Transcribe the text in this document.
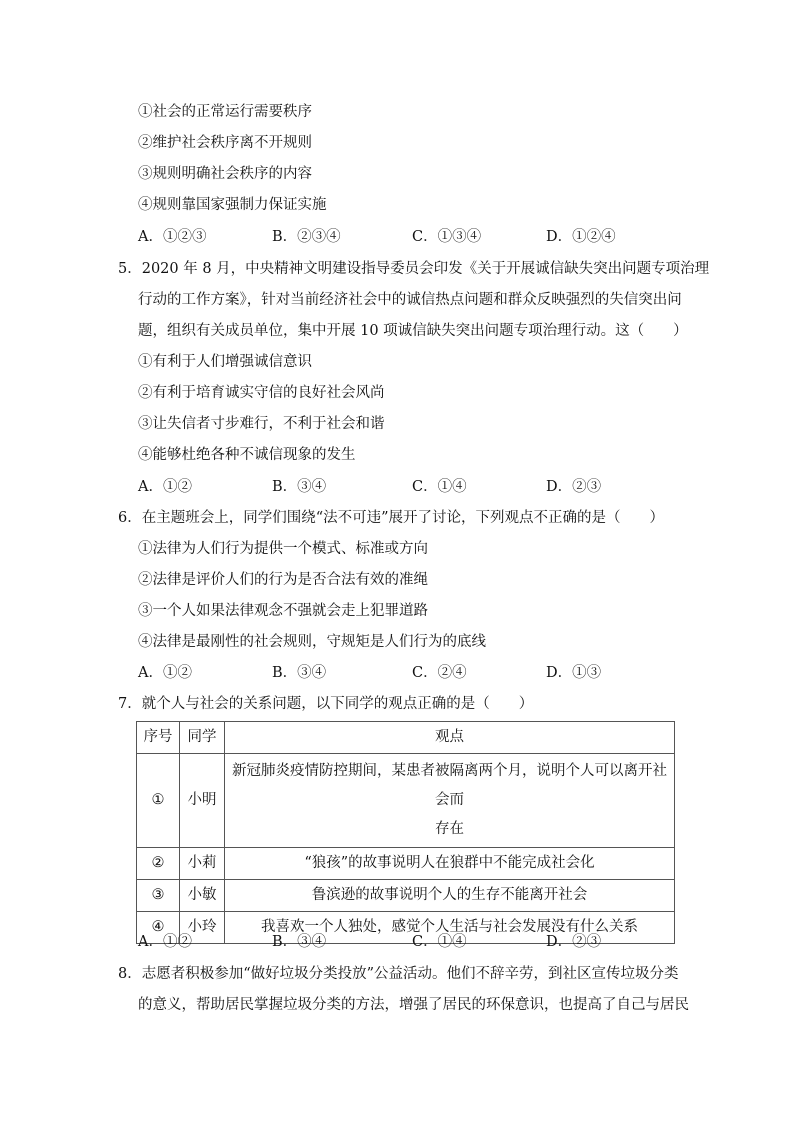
①社会的正常运行需要秩序
②维护社会秩序离不开规则
③规则明确社会秩序的内容
④规则靠国家强制力保证实施
A．①②③	B．②③④	C．①③④	D．①②④
5．2020 年 8 月，中央精神文明建设指导委员会印发《关于开展诚信缺失突出问题专项治理
行动的工作方案》，针对当前经济社会中的诚信热点问题和群众反映强烈的失信突出问
题，组织有关成员单位，集中开展 10 项诚信缺失突出问题专项治理行动。这（　　）
①有利于人们增强诚信意识
②有利于培育诚实守信的良好社会风尚
③让失信者寸步难行，不利于社会和谐
④能够杜绝各种不诚信现象的发生
A．①②	B．③④	C．①④	D．②③
6．在主题班会上，同学们围绕“法不可违”展开了讨论，下列观点不正确的是（　　）
①法律为人们行为提供一个模式、标准或方向
②法律是评价人们的行为是否合法有效的准绳
③一个人如果法律观念不强就会走上犯罪道路
④法律是最刚性的社会规则，守规矩是人们行为的底线
A．①②	B．③④	C．②④	D．①③
7．就个人与社会的关系问题，以下同学的观点正确的是（　　）
序号	同学	观点
①	小明	新冠肺炎疫情防控期间，某患者被隔离两个月，说明个人可以离开社会而
存在

②	小莉	“狼孩”的故事说明人在狼群中不能完成社会化
③	小敏	鲁滨逊的故事说明个人的生存不能离开社会
④	小玲	我喜欢一个人独处，感觉个人生活与社会发展没有什么关系
A．①②	B．③④	C．①④	D．②③
8．志愿者积极参加“做好垃圾分类投放”公益活动。他们不辞辛劳，到社区宣传垃圾分类
的意义，帮助居民掌握垃圾分类的方法，增强了居民的环保意识，也提高了自己与居民
